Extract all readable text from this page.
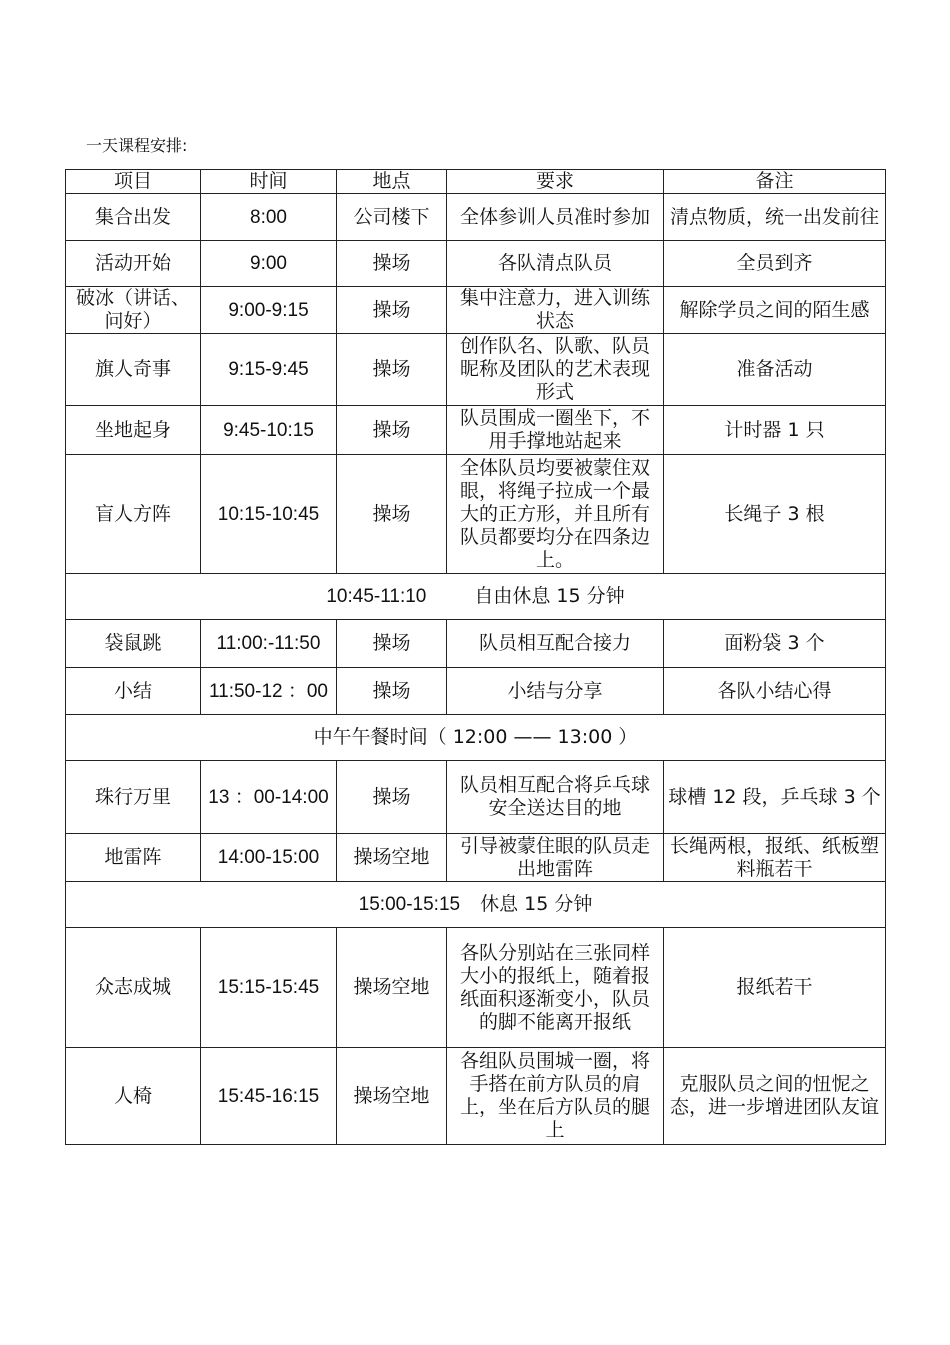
一天课程安排:
项目	时间	地点	要求	备注
集合出发	8:00	公司楼下	全体参训人员准时参加	清点物质，统一出发前往
活动开始	9:00	操场	各队清点队员	全员到齐
破冰（讲话、问好）	9:00-9:15	操场	集中注意力，进入训练状态	解除学员之间的陌生感
旗人奇事	9:15-9:45	操场	创作队名、队歌、队员昵称及团队的艺术表现形式	准备活动
坐地起身	9:45-10:15	操场	队员围成一圈坐下，不用手撑地站起来	计时器 1 只
盲人方阵	10:15-10:45	操场	全体队员均要被蒙住双眼，将绳子拉成一个最大的正方形，并且所有队员都要均分在四条边上。	长绳子 3 根
10:45-11:10 自由休息 15 分钟				
袋鼠跳	11:00:-11:50	操场	队员相互配合接力	面粉袋 3 个
小结	11:50-12 ：00	操场	小结与分享	各队小结心得
中午午餐时间（ 12:00 —— 13:00 ）				
珠行万里	13 ：00-14:00	操场	队员相互配合将乒乓球安全送达目的地	球槽 12 段，乒乓球 3 个
地雷阵	14:00-15:00	操场空地	引导被蒙住眼的队员走出地雷阵	长绳两根，报纸、纸板塑料瓶若干
15:00-15:15 休息 15 分钟				
众志成城	15:15-15:45	操场空地	各队分别站在三张同样大小的报纸上，随着报纸面积逐渐变小，队员的脚不能离开报纸	报纸若干
人椅	15:45-16:15	操场空地	各组队员围城一圈，将手搭在前方队员的肩上，坐在后方队员的腿上	克服队员之间的忸怩之态，进一步增进团队友谊
